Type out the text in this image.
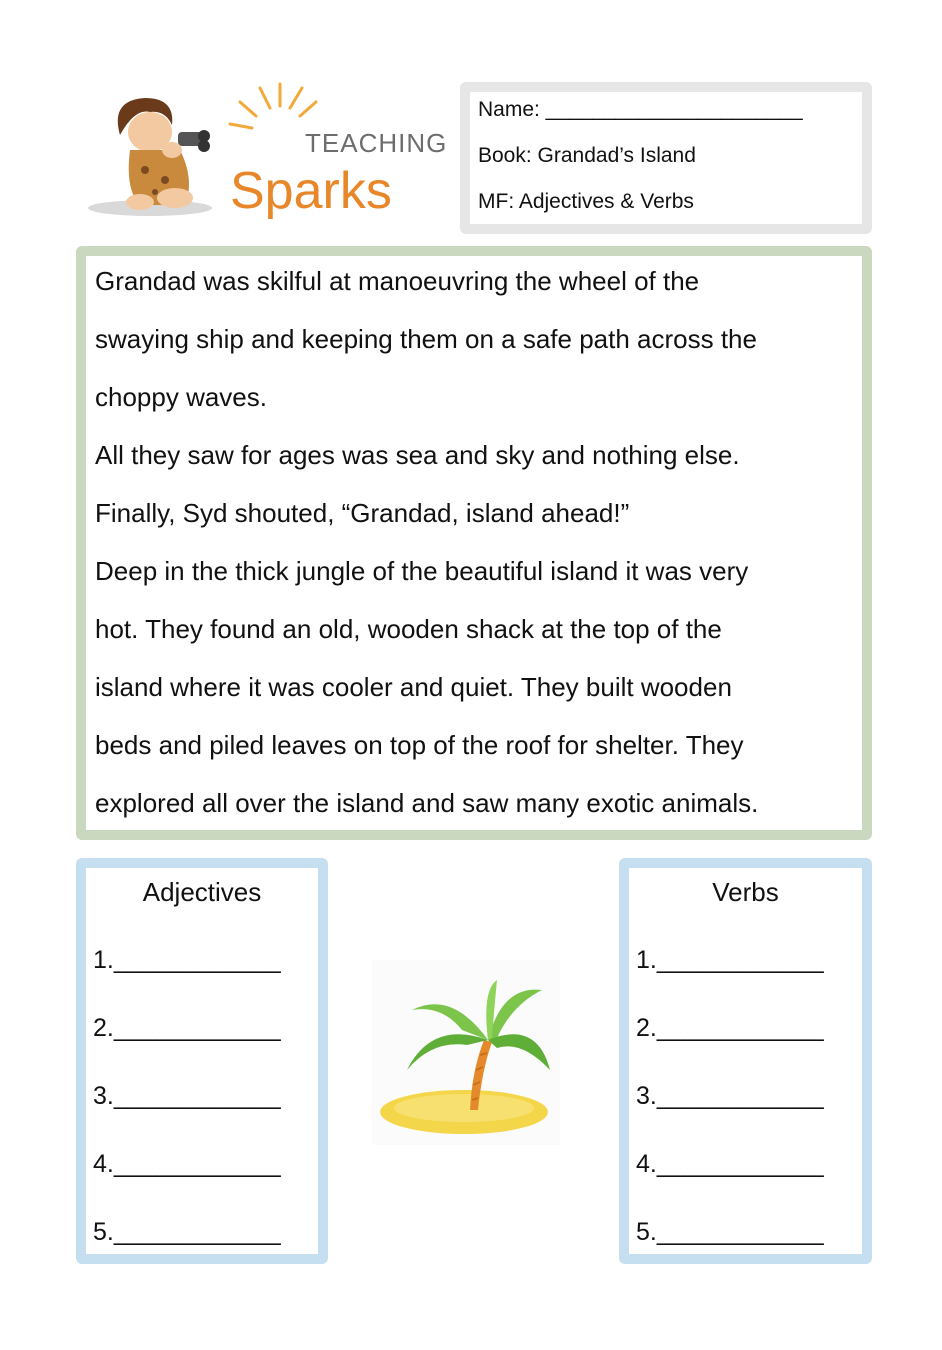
TEACHING
Sparks
Name: ______________________
Book: Grandad’s Island
MF: Adjectives & Verbs

Grandad was skilful at manoeuvring the wheel of the

swaying ship and keeping them on a safe path across the

choppy waves.

All they saw for ages was sea and sky and nothing else.

Finally, Syd shouted, “Grandad, island ahead!”

Deep in the thick jungle of the beautiful island it was very

hot. They found an old, wooden shack at the top of the

island where it was cooler and quiet. They built wooden

beds and piled leaves on top of the roof for shelter. They

explored all over the island and saw many exotic animals.

Adjectives
1.____________
2.____________
3.____________
4.____________
5.____________
Verbs
1.____________
2.____________
3.____________
4.____________
5.____________
